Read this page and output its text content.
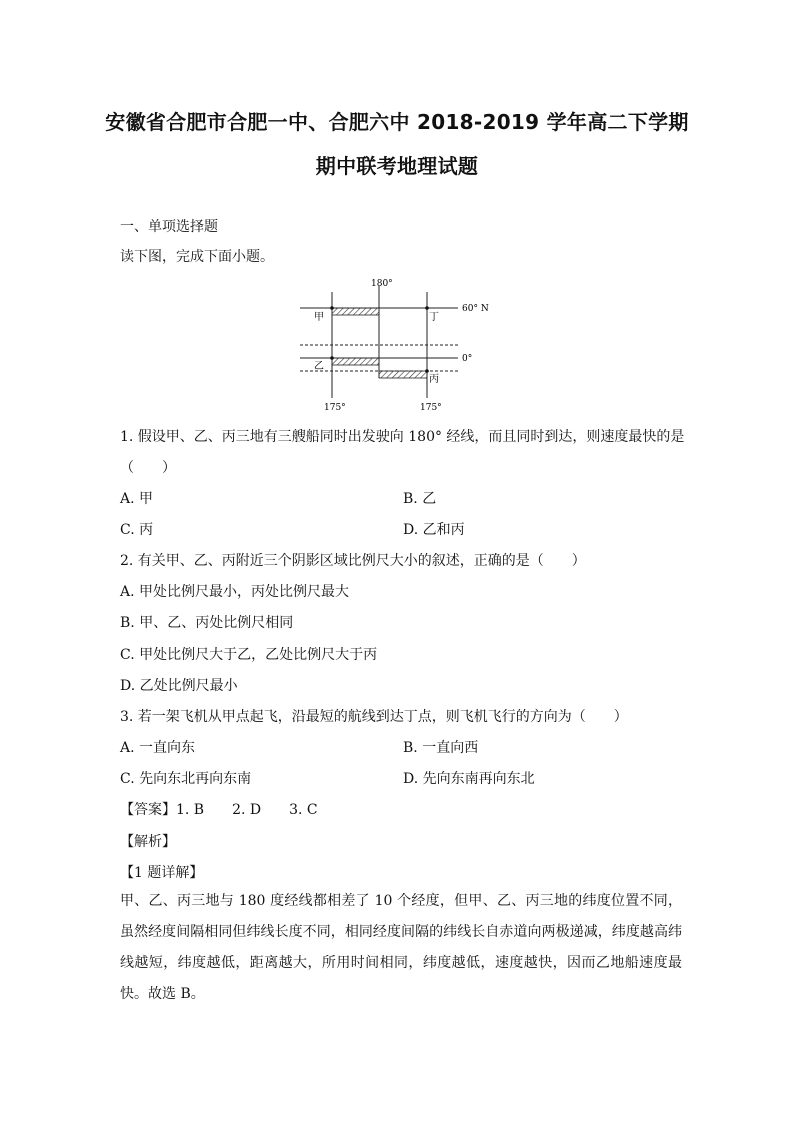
安徽省合肥市合肥一中、合肥六中 2018-2019 学年高二下学期
期中联考地理试题
一、单项选择题
读下图，完成下面小题。
180°
60° N
0°
175°	175°
甲	丁
乙
丙
1. 假设甲、乙、丙三地有三艘船同时出发驶向 180° 经线，而且同时到达，则速度最快的是
（　　）
A. 甲	B. 乙
C. 丙	D. 乙和丙
2. 有关甲、乙、丙附近三个阴影区域比例尺大小的叙述，正确的是（　　）
A. 甲处比例尺最小，丙处比例尺最大
B. 甲、乙、丙处比例尺相同
C. 甲处比例尺大于乙，乙处比例尺大于丙
D. 乙处比例尺最小
3. 若一架飞机从甲点起飞，沿最短的航线到达丁点，则飞机飞行的方向为（　　）
A. 一直向东	B. 一直向西
C. 先向东北再向东南	D. 先向东南再向东北
【答案】1. B　　2. D　　3. C
【解析】
【1 题详解】
甲、乙、丙三地与 180 度经线都相差了 10 个经度，但甲、乙、丙三地的纬度位置不同，虽然经度间隔相同但纬线长度不同，相同经度间隔的纬线长自赤道向两极递减，纬度越高纬线越短，纬度越低，距离越大，所用时间相同，纬度越低，速度越快，因而乙地船速度最快。故选 B。
